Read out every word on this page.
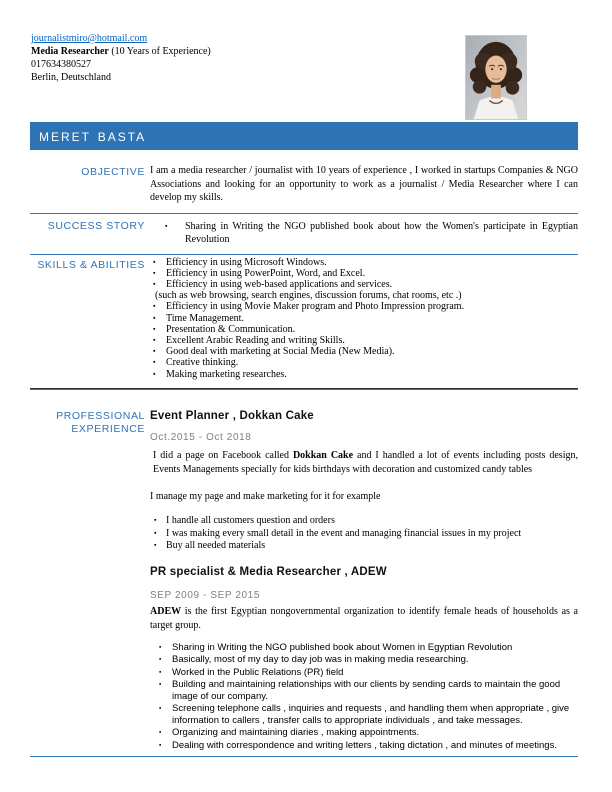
journalistmiro@hotmail.com
Media Researcher (10 Years of Experience)
017634380527
Berlin, Deutschland
meret basta
OBJECTIVE I am a media researcher / journalist with 10 years of experience , I worked in startups Companies & NGO Associations and looking for an opportunity to work as a journalist / Media Researcher where I can develop my skills.

SUCCESS STORY	▪ Sharing in Writing the NGO published book about how the Women's participate in Egyptian Revolution
SKILLS & ABILITIES	▪ Efficiency in using Microsoft Windows.
▪ Efficiency in using PowerPoint, Word, and Excel.
▪ Efficiency in using web-based applications and services.
(such as web browsing, search engines, discussion forums, chat rooms, etc .)
▪ Efficiency in using Movie Maker program and Photo Impression program.
▪ Time Management.
▪ Presentation & Communication.
▪ Excellent Arabic Reading and writing Skills.
▪ Good deal with marketing at Social Media (New Media).
▪ Creative thinking.
▪ Making marketing researches.
PROFESSIONAL
EXPERIENCE
Event Planner , Dokkan Cake
Oct.2015 - Oct 2018

I did a page on Facebook called Dokkan Cake and I handled a lot of events including posts design, Events Managements specially for kids birthdays with decoration and customized candy tables

I manage my page and make marketing for it for example

▪ I handle all customers question and orders
▪ I was making every small detail in the event and managing financial issues in my project
▪ Buy all needed materials
PR specialist & Media Researcher , ADEW
SEP 2009 - SEP 2015

ADEW is the first Egyptian nongovernmental organization to identify female heads of households as a target group.

▪ Sharing in Writing the NGO published book about Women in Egyptian Revolution
▪ Basically, most of my day to day job was in making media researching.
▪ Worked in the Public Relations (PR) field
▪ Building and maintaining relationships with our clients by sending cards to maintain the good image of our company.
▪ Screening telephone calls , inquiries and requests , and handling them when appropriate , give information to callers , transfer calls to appropriate individuals , and take messages.
▪ Organizing and maintaining diaries , making appointments.
▪ Dealing with correspondence and writing letters , taking dictation , and minutes of meetings.
